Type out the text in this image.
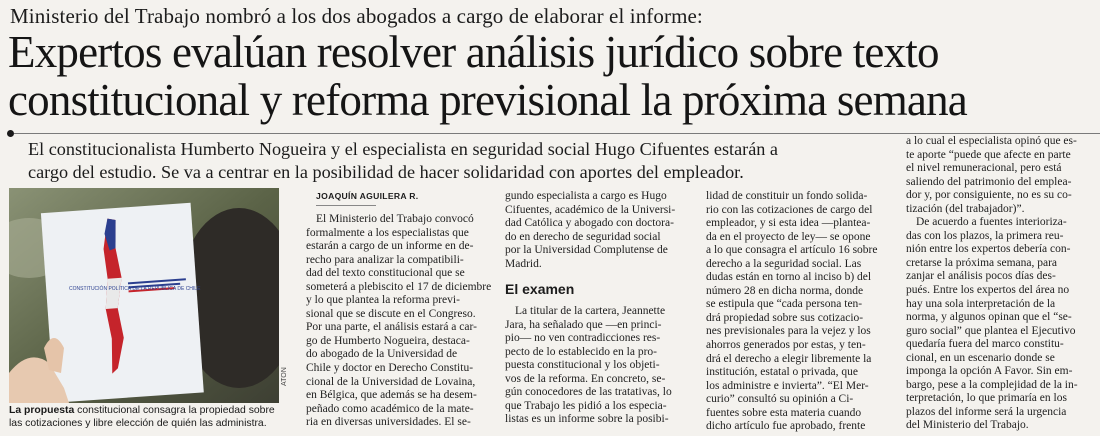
Ministerio del Trabajo nombró a los dos abogados a cargo de elaborar el informe:
Expertos evalúan resolver análisis jurídico sobre texto
constitucional y reforma previsional la próxima semana
El constitucionalista Humberto Nogueira y el especialista en seguridad social Hugo Cifuentes estarán a
cargo del estudio. Se va a centrar en la posibilidad de hacer solidaridad con aportes del empleador.
CONSTITUCIÓN POLÍTICA DE LA REPÚBLICA DE CHILE
ATON
La propuesta constitucional consagra la propiedad sobre las cotizaciones y libre elección de quién las administra.
JOAQUÍN AGUILERA R.

El Ministerio del Trabajo convocó

formalmente a los especialistas que

estarán a cargo de un informe en de-

recho para analizar la compatibili-

dad del texto constitucional que se

someterá a plebiscito el 17 de diciembre

y lo que plantea la reforma previ-

sional que se discute en el Congreso.

Por una parte, el análisis estará a car-

go de Humberto Nogueira, destaca-

do abogado de la Universidad de

Chile y doctor en Derecho Constitu-

cional de la Universidad de Lovaina,

en Bélgica, que además se ha desem-

peñado como académico de la mate-

ria en diversas universidades. El se-

gundo especialista a cargo es Hugo

Cifuentes, académico de la Universi-

dad Católica y abogado con doctora-

do en derecho de seguridad social

por la Universidad Complutense de

Madrid.

El examen

La titular de la cartera, Jeannette

Jara, ha señalado que —en princi-

pio— no ven contradicciones res-

pecto de lo establecido en la pro-

puesta constitucional y los objeti-

vos de la reforma. En concreto, se-

gún conocedores de las tratativas, lo

que Trabajo les pidió a los especia-

listas es un informe sobre la posibi-

lidad de constituir un fondo solida-

rio con las cotizaciones de cargo del

empleador, y si esta idea —plantea-

da en el proyecto de ley— se opone

a lo que consagra el artículo 16 sobre

derecho a la seguridad social. Las

dudas están en torno al inciso b) del

número 28 en dicha norma, donde

se estipula que “cada persona ten-

drá propiedad sobre sus cotizacio-

nes previsionales para la vejez y los

ahorros generados por estas, y ten-

drá el derecho a elegir libremente la

institución, estatal o privada, que

los administre e invierta”. “El Mer-

curio” consultó su opinión a Ci-

fuentes sobre esta materia cuando

dicho artículo fue aprobado, frente

a lo cual el especialista opinó que es-

te aporte “puede que afecte en parte

el nivel remuneracional, pero está

saliendo del patrimonio del emplea-

dor y, por consiguiente, no es su co-

tización (del trabajador)”.

De acuerdo a fuentes interioriza-

das con los plazos, la primera reu-

nión entre los expertos debería con-

cretarse la próxima semana, para

zanjar el análisis pocos días des-

pués. Entre los expertos del área no

hay una sola interpretación de la

norma, y algunos opinan que el “se-

guro social” que plantea el Ejecutivo

quedaría fuera del marco constitu-

cional, en un escenario donde se

imponga la opción A Favor. Sin em-

bargo, pese a la complejidad de la in-

terpretación, lo que primaría en los

plazos del informe será la urgencia

del Ministerio del Trabajo.
